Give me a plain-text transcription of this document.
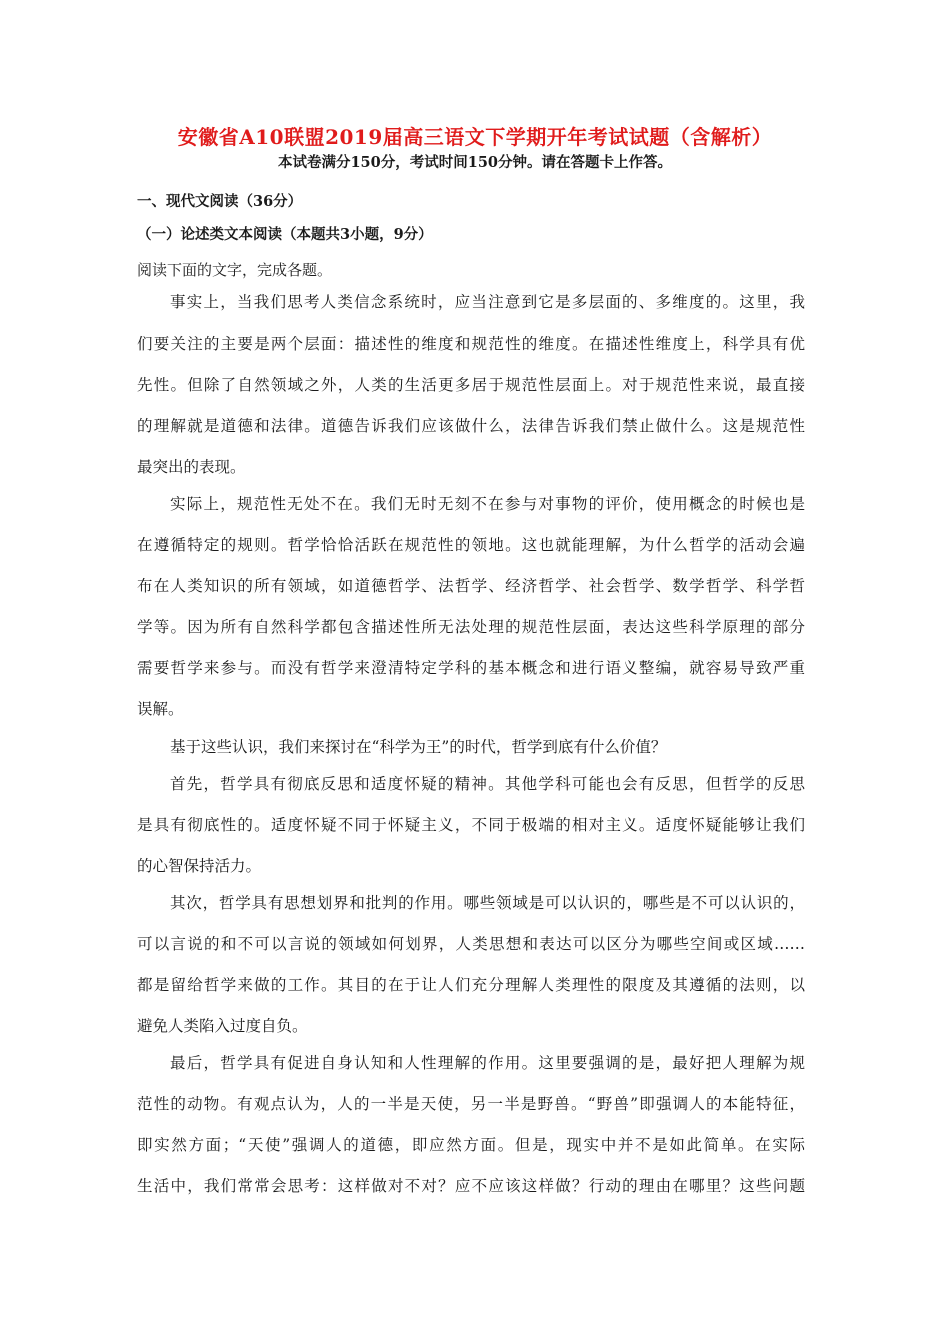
安徽省A10联盟2019届高三语文下学期开年考试试题（含解析）
本试卷满分150分，考试时间150分钟。请在答题卡上作答。
一、现代文阅读（36分）
（一）论述类文本阅读（本题共3小题，9分）
阅读下面的文字，完成各题。
事实上，当我们思考人类信念系统时，应当注意到它是多层面的、多维度的。这里，我
们要关注的主要是两个层面：描述性的维度和规范性的维度。在描述性维度上，科学具有优
先性。但除了自然领域之外，人类的生活更多居于规范性层面上。对于规范性来说，最直接
的理解就是道德和法律。道德告诉我们应该做什么，法律告诉我们禁止做什么。这是规范性
最突出的表现。
实际上，规范性无处不在。我们无时无刻不在参与对事物的评价，使用概念的时候也是
在遵循特定的规则。哲学恰恰活跃在规范性的领地。这也就能理解，为什么哲学的活动会遍
布在人类知识的所有领域，如道德哲学、法哲学、经济哲学、社会哲学、数学哲学、科学哲
学等。因为所有自然科学都包含描述性所无法处理的规范性层面，表达这些科学原理的部分
需要哲学来参与。而没有哲学来澄清特定学科的基本概念和进行语义整编，就容易导致严重
误解。
基于这些认识，我们来探讨在“科学为王”的时代，哲学到底有什么价值？
首先，哲学具有彻底反思和适度怀疑的精神。其他学科可能也会有反思，但哲学的反思
是具有彻底性的。适度怀疑不同于怀疑主义，不同于极端的相对主义。适度怀疑能够让我们
的心智保持活力。
其次，哲学具有思想划界和批判的作用。哪些领域是可以认识的，哪些是不可以认识的，
可以言说的和不可以言说的领域如何划界，人类思想和表达可以区分为哪些空间或区域……
都是留给哲学来做的工作。其目的在于让人们充分理解人类理性的限度及其遵循的法则，以
避免人类陷入过度自负。
最后，哲学具有促进自身认知和人性理解的作用。这里要强调的是，最好把人理解为规
范性的动物。有观点认为，人的一半是天使，另一半是野兽。“野兽”即强调人的本能特征，
即实然方面；“天使”强调人的道德，即应然方面。但是，现实中并不是如此简单。在实际
生活中，我们常常会思考：这样做对不对？应不应该这样做？行动的理由在哪里？这些问题
